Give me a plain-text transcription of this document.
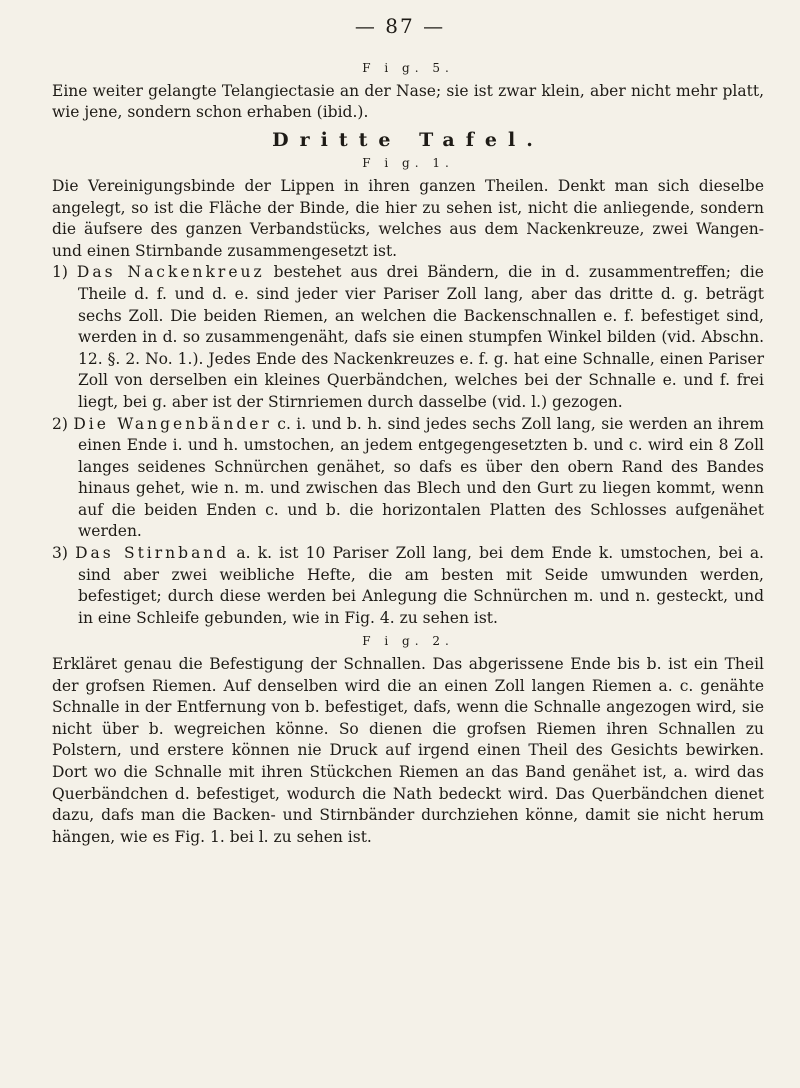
— 87 —
F i g. 5.

Eine weiter gelangte Telangiectasie an der Nase; sie ist zwar klein, aber nicht mehr platt, wie jene, sondern schon erhaben (ibid.).

Dritte Tafel.
F i g. 1.

Die Vereinigungsbinde der Lippen in ihren ganzen Theilen. Denkt man sich dieselbe angelegt, so ist die Fläche der Binde, die hier zu sehen ist, nicht die anliegende, sondern die äufsere des ganzen Verbandstücks, welches aus dem Nackenkreuze, zwei Wangen- und einen Stirnbande zusammengesetzt ist.

1) Das Nackenkreuz bestehet aus drei Bändern, die in d. zusammentreffen; die Theile d. f. und d. e. sind jeder vier Pariser Zoll lang, aber das dritte d. g. beträgt sechs Zoll. Die beiden Riemen, an welchen die Backenschnallen e. f. befestiget sind, werden in d. so zusammengenäht, dafs sie einen stumpfen Winkel bilden (vid. Abschn. 12. §. 2. No. 1.). Jedes Ende des Nackenkreuzes e. f. g. hat eine Schnalle, einen Pariser Zoll von derselben ein kleines Querbändchen, welches bei der Schnalle e. und f. frei liegt, bei g. aber ist der Stirnriemen durch dasselbe (vid. l.) gezogen.

2) Die Wangenbänder c. i. und b. h. sind jedes sechs Zoll lang, sie werden an ihrem einen Ende i. und h. umstochen, an jedem entgegengesetzten b. und c. wird ein 8 Zoll langes seidenes Schnürchen genähet, so dafs es über den obern Rand des Bandes hinaus gehet, wie n. m. und zwischen das Blech und den Gurt zu liegen kommt, wenn auf die beiden Enden c. und b. die horizontalen Platten des Schlosses aufgenähet werden.

3) Das Stirnband a. k. ist 10 Pariser Zoll lang, bei dem Ende k. umstochen, bei a. sind aber zwei weibliche Hefte, die am besten mit Seide umwunden werden, befestiget; durch diese werden bei Anlegung die Schnürchen m. und n. gesteckt, und in eine Schleife gebunden, wie in Fig. 4. zu sehen ist.

F i g. 2.

Erkläret genau die Befestigung der Schnallen. Das abgerissene Ende bis b. ist ein Theil der grofsen Riemen. Auf denselben wird die an einen Zoll langen Riemen a. c. genähte Schnalle in der Entfernung von b. befestiget, dafs, wenn die Schnalle angezogen wird, sie nicht über b. wegreichen könne. So dienen die grofsen Riemen ihren Schnallen zu Polstern, und erstere können nie Druck auf irgend einen Theil des Gesichts bewirken. Dort wo die Schnalle mit ihren Stückchen Riemen an das Band genähet ist, a. wird das Querbändchen d. befestiget, wodurch die Nath bedeckt wird. Das Querbändchen dienet dazu, dafs man die Backen- und Stirnbänder durchziehen könne, damit sie nicht herum hängen, wie es Fig. 1. bei l. zu sehen ist.
